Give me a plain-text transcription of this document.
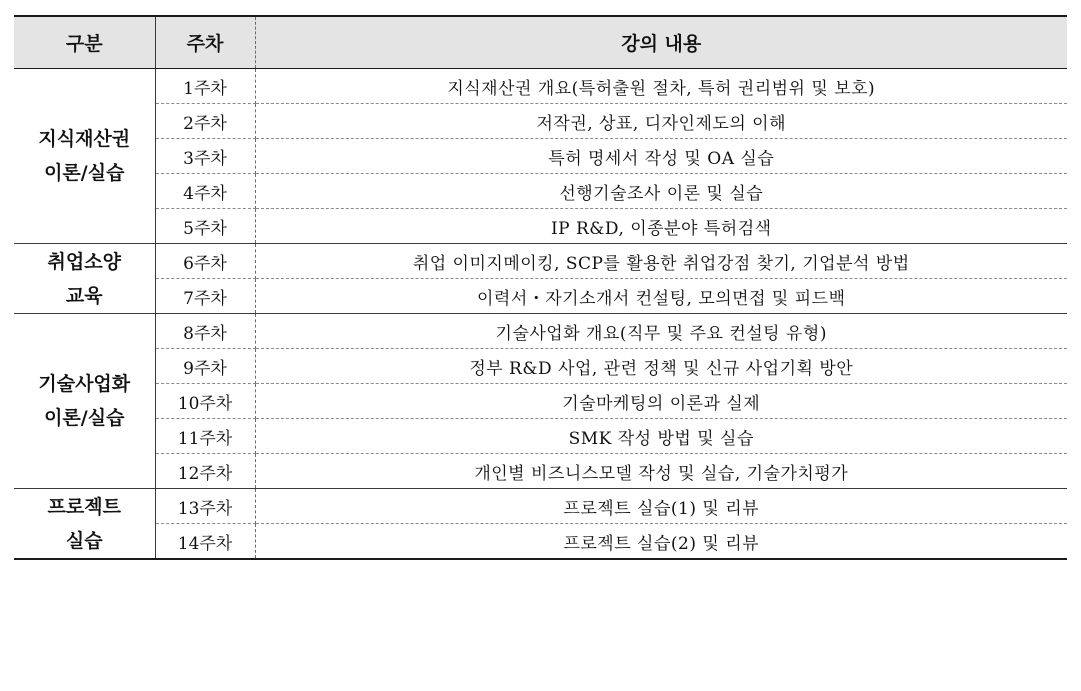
구분	주차	강의 내용

지식재산권
이론/실습	1주차	지식재산권 개요(특허출원 절차, 특허 권리범위 및 보호)
	2주차	저작권, 상표, 디자인제도의 이해
	3주차	특허 명세서 작성 및 OA 실습
	4주차	선행기술조사 이론 및 실습
	5주차	IP R&D, 이종분야 특허검색

취업소양
교육	6주차	취업 이미지메이킹, SCP를 활용한 취업강점 찾기, 기업분석 방법
	7주차	이력서・자기소개서 컨설팅, 모의면접 및 피드백

기술사업화
이론/실습	8주차	기술사업화 개요(직무 및 주요 컨설팅 유형)
	9주차	정부 R&D 사업, 관련 정책 및 신규 사업기획 방안
	10주차	기술마케팅의 이론과 실제
	11주차	SMK 작성 방법 및 실습
	12주차	개인별 비즈니스모델 작성 및 실습, 기술가치평가

프로젝트
실습	13주차	프로젝트 실습(1) 및 리뷰
	14주차	프로젝트 실습(2) 및 리뷰
